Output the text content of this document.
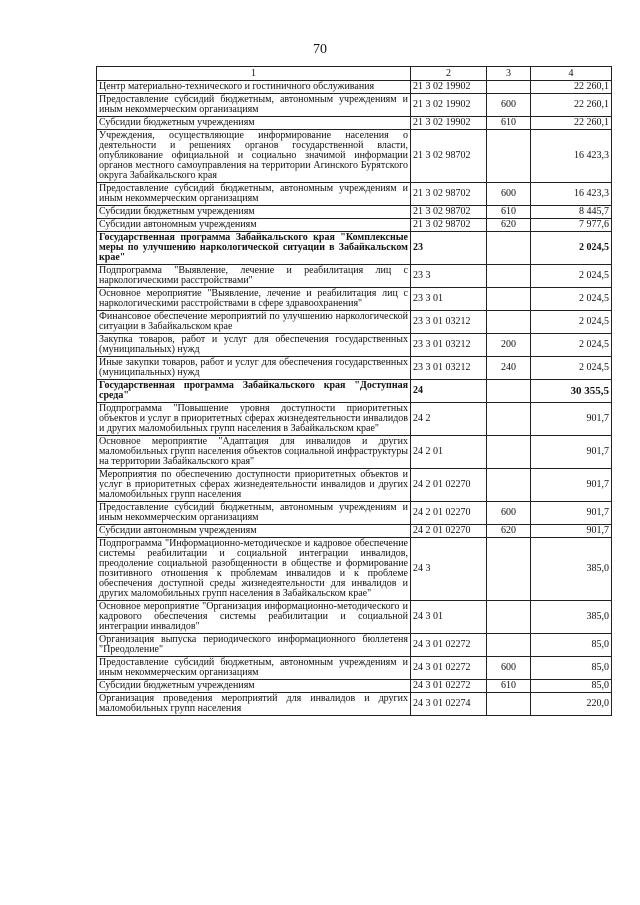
70
1	2	3	4
Центр материально-технического и гостиничного обслуживания	21 3 02 19902		22 260,1
Предоставление субсидий бюджетным, автономным учреждениям и иным некоммерческим организациям	21 3 02 19902	600	22 260,1
Субсидии бюджетным учреждениям	21 3 02 19902	610	22 260,1
Учреждения, осуществляющие информирование населения о деятельности и решениях органов государственной власти, опубликование официальной и социально значимой информации органов местного самоуправления на территории Агинского Бурятского округа Забайкальского края	21 3 02 98702		16 423,3
Предоставление субсидий бюджетным, автономным учреждениям и иным некоммерческим организациям	21 3 02 98702	600	16 423,3
Субсидии бюджетным учреждениям	21 3 02 98702	610	8 445,7
Субсидии автономным учреждениям	21 3 02 98702	620	7 977,6
Государственная программа Забайкальского края "Комплексные меры по улучшению наркологической ситуации в Забайкальском крае"	23		2 024,5
Подпрограмма "Выявление, лечение и реабилитация лиц с наркологическими расстройствами"	23 3		2 024,5
Основное мероприятие "Выявление, лечение и реабилитация лиц с наркологическими расстройствами в сфере здравоохранения"	23 3 01		2 024,5
Финансовое обеспечение мероприятий по улучшению наркологической ситуации в Забайкальском крае	23 3 01 03212		2 024,5
Закупка товаров, работ и услуг для обеспечения государственных (муниципальных) нужд	23 3 01 03212	200	2 024,5
Иные закупки товаров, работ и услуг для обеспечения государственных (муниципальных) нужд	23 3 01 03212	240	2 024,5
Государственная программа Забайкальского края "Доступная среда"	24		30 355,5
Подпрограмма "Повышение уровня доступности приоритетных объектов и услуг в приоритетных сферах жизнедеятельности инвалидов и других маломобильных групп населения в Забайкальском крае"	24 2		901,7
Основное мероприятие "Адаптация для инвалидов и других маломобильных групп населения объектов социальной инфраструктуры на территории Забайкальского края"	24 2 01		901,7
Мероприятия по обеспечению доступности приоритетных объектов и услуг в приоритетных сферах жизнедеятельности инвалидов и других маломобильных групп населения	24 2 01 02270		901,7
Предоставление субсидий бюджетным, автономным учреждениям и иным некоммерческим организациям	24 2 01 02270	600	901,7
Субсидии автономным учреждениям	24 2 01 02270	620	901,7
Подпрограмма "Информационно-методическое и кадровое обеспечение системы реабилитации и социальной интеграции инвалидов, преодоление социальной разобщенности в обществе и формирование позитивного отношения к проблемам инвалидов и к проблеме обеспечения доступной среды жизнедеятельности для инвалидов и других маломобильных групп населения в Забайкальском крае"	24 3		385,0
Основное мероприятие "Организация информационно-методического и кадрового обеспечения системы реабилитации и социальной интеграции инвалидов"	24 3 01		385,0
Организация выпуска периодического информационного бюллетеня "Преодоление"	24 3 01 02272		85,0
Предоставление субсидий бюджетным, автономным учреждениям и иным некоммерческим организациям	24 3 01 02272	600	85,0
Субсидии бюджетным учреждениям	24 3 01 02272	610	85,0
Организация проведения мероприятий для инвалидов и других маломобильных групп населения	24 3 01 02274		220,0
